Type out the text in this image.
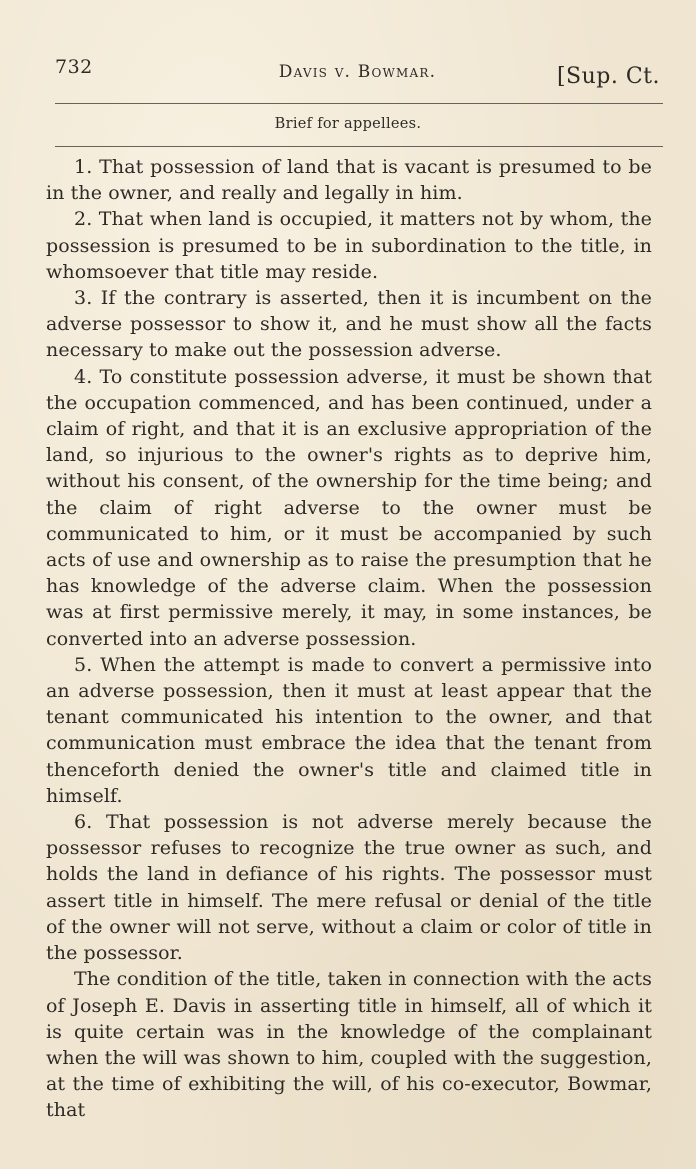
732	Davis v. Bowmar.	[Sup. Ct.
Brief for appellees.

1. That possession of land that is vacant is presumed to be in the owner, and really and legally in him.

2. That when land is occupied, it matters not by whom, the possession is presumed to be in subordination to the title, in whomsoever that title may reside.

3. If the contrary is asserted, then it is incumbent on the adverse possessor to show it, and he must show all the facts necessary to make out the possession adverse.

4. To constitute possession adverse, it must be shown that the occupation commenced, and has been continued, under a claim of right, and that it is an exclusive appropriation of the land, so injurious to the owner's rights as to deprive him, without his consent, of the ownership for the time being; and the claim of right adverse to the owner must be communicated to him, or it must be accompanied by such acts of use and ownership as to raise the presumption that he has knowledge of the adverse claim. When the possession was at first permissive merely, it may, in some instances, be converted into an adverse possession.

5. When the attempt is made to convert a permissive into an adverse possession, then it must at least appear that the tenant communicated his intention to the owner, and that communication must embrace the idea that the tenant from thenceforth denied the owner's title and claimed title in himself.

6. That possession is not adverse merely because the possessor refuses to recognize the true owner as such, and holds the land in defiance of his rights. The possessor must assert title in himself. The mere refusal or denial of the title of the owner will not serve, without a claim or color of title in the possessor.

The condition of the title, taken in connection with the acts of Joseph E. Davis in asserting title in himself, all of which it is quite certain was in the knowledge of the complainant when the will was shown to him, coupled with the suggestion, at the time of exhibiting the will, of his co-executor, Bowmar, that
